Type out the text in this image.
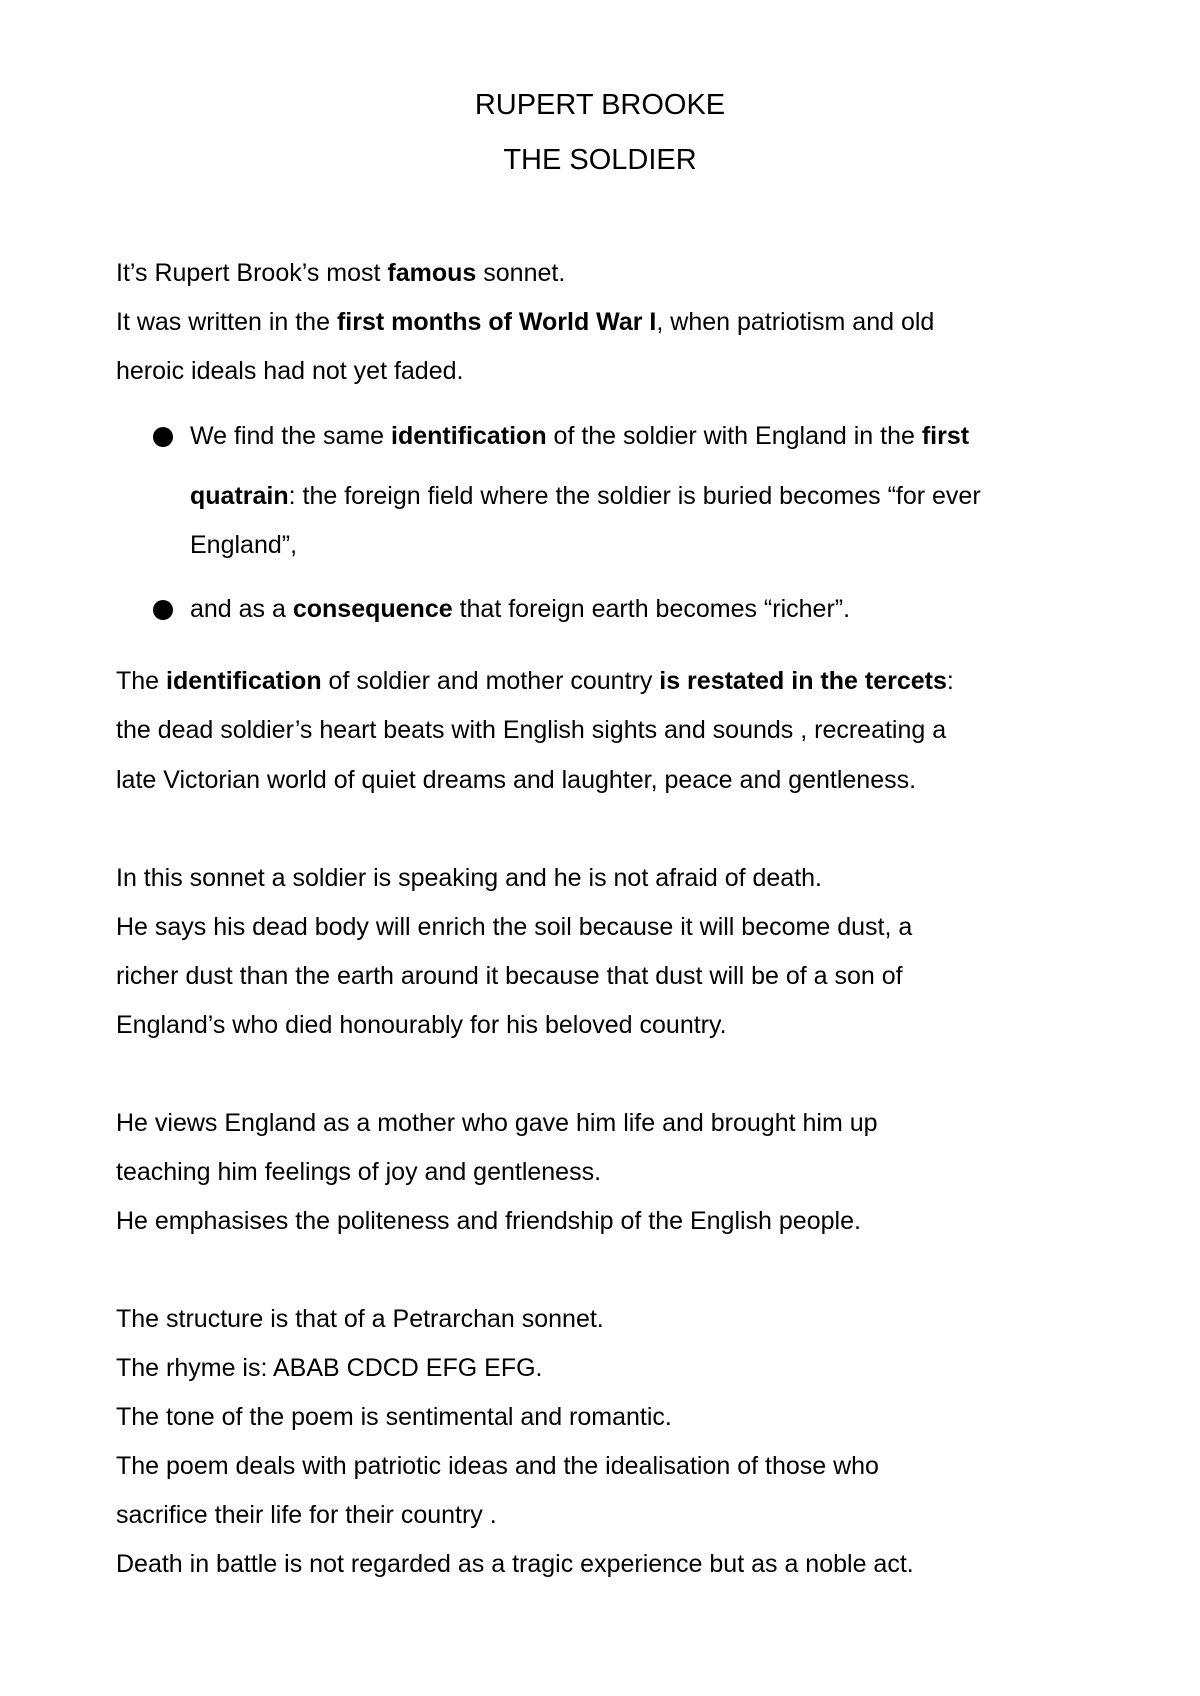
RUPERT BROOKE
THE SOLDIER

It’s Rupert Brook’s most famous sonnet.

It was written in the first months of World War I, when patriotism and old

heroic ideals had not yet faded.

We find the same identification of the soldier with England in the first

quatrain: the foreign field where the soldier is buried becomes “for ever

England”,

and as a consequence that foreign earth becomes “richer”.

The identification of soldier and mother country is restated in the tercets:

the dead soldier’s heart beats with English sights and sounds , recreating a

late Victorian world of quiet dreams and laughter, peace and gentleness.

In this sonnet a soldier is speaking and he is not afraid of death.

He says his dead body will enrich the soil because it will become dust, a

richer dust than the earth around it because that dust will be of a son of

England’s who died honourably for his beloved country.

He views England as a mother who gave him life and brought him up

teaching him feelings of joy and gentleness.

He emphasises the politeness and friendship of the English people.

The structure is that of a Petrarchan sonnet.

The rhyme is: ABAB CDCD EFG EFG.

The tone of the poem is sentimental and romantic.

The poem deals with patriotic ideas and the idealisation of those who

sacrifice their life for their country .

Death in battle is not regarded as a tragic experience but as a noble act.
